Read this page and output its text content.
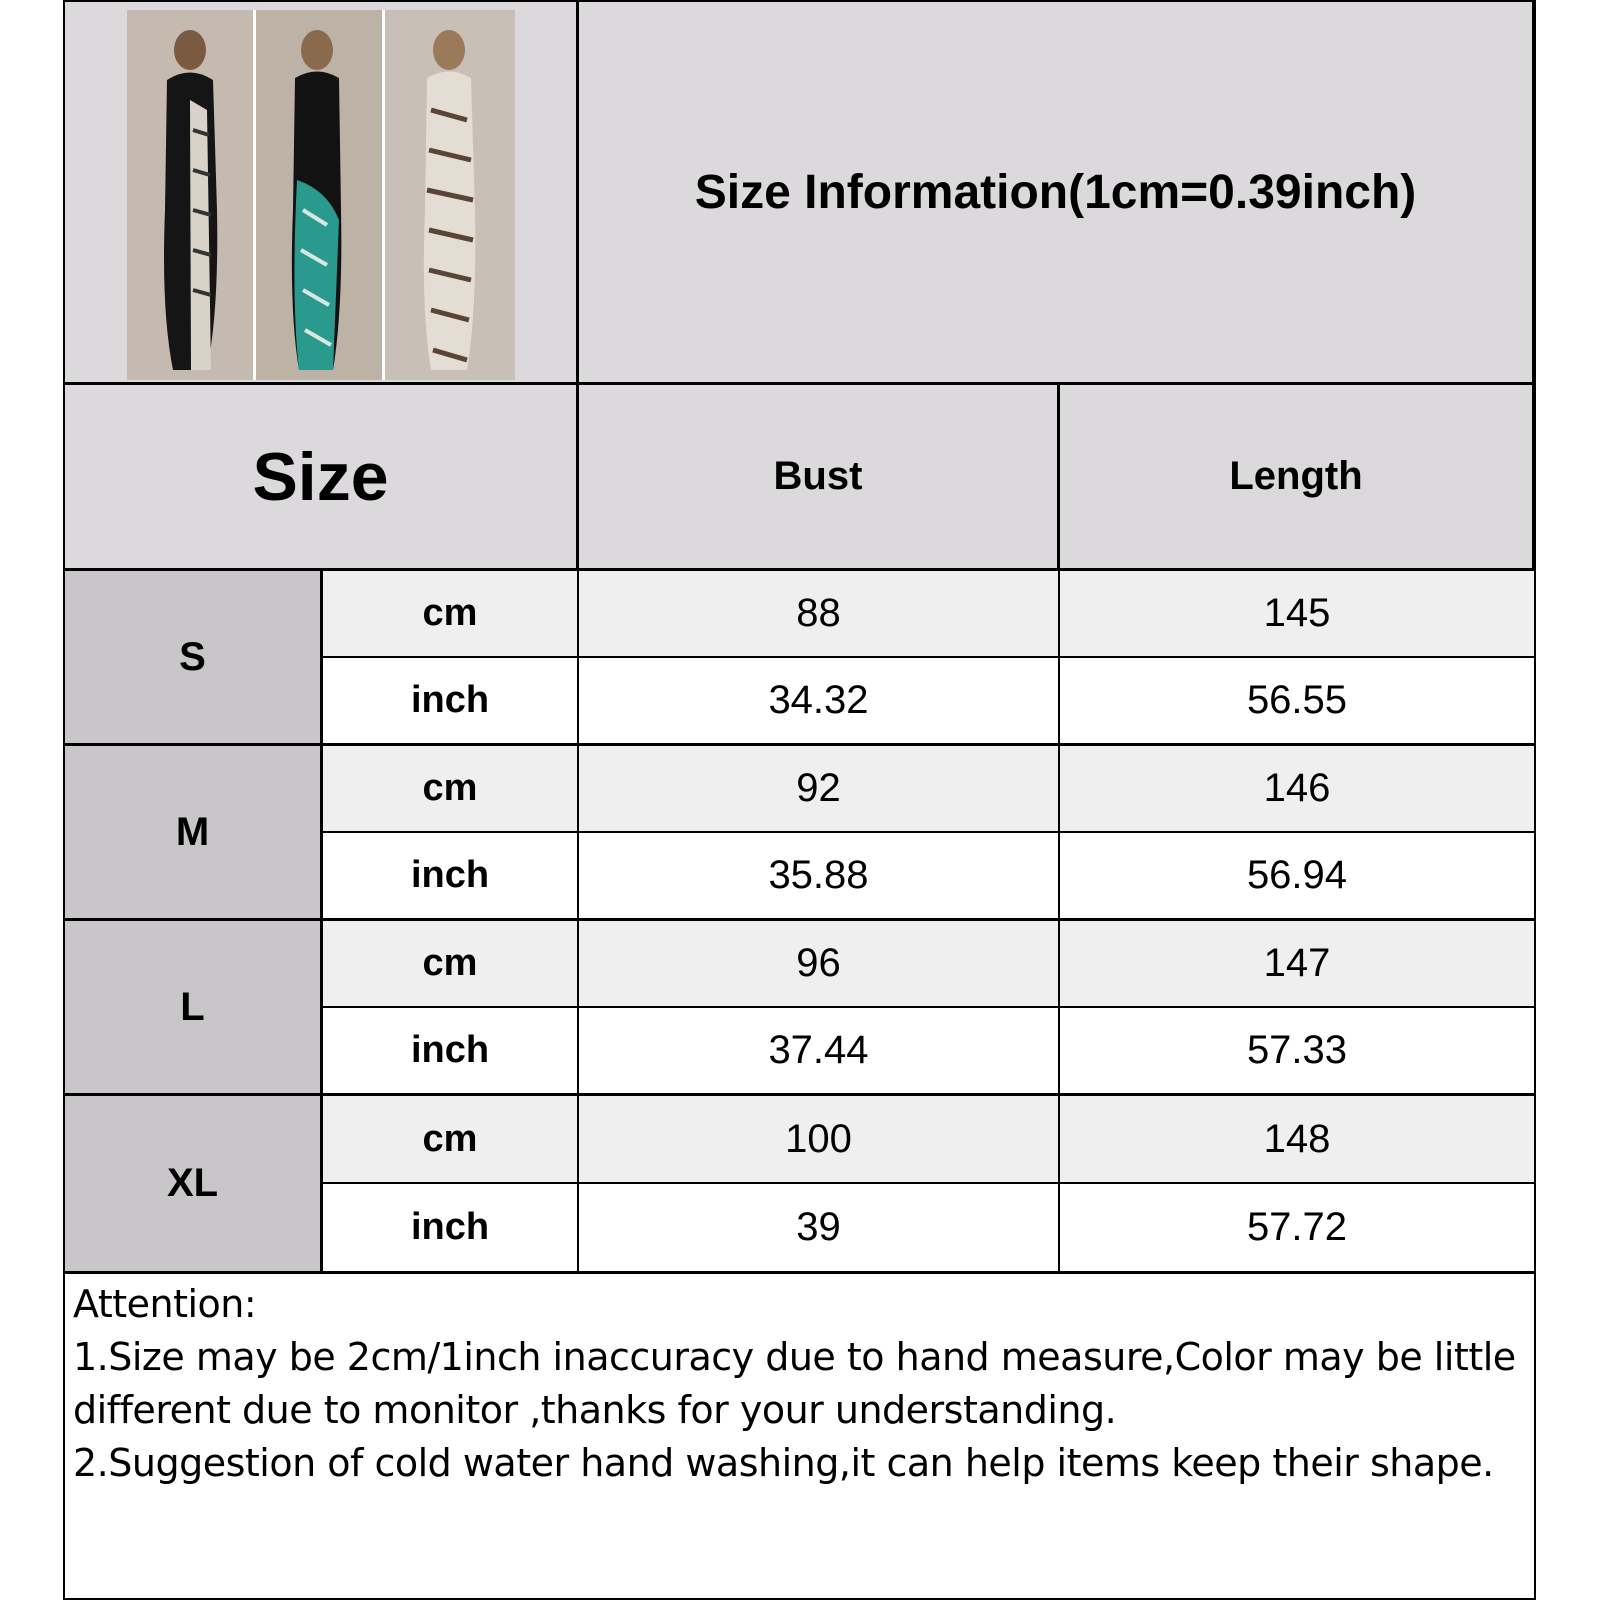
Size Information(1cm=0.39inch)
Size	Bust	Length
S
cm	88	145
inch	34.32	56.55
M
cm	92	146
inch	35.88	56.94
L
cm	96	147
inch	37.44	57.33
XL
cm	100	148
inch	39	57.72

Attention:

1.Size may be 2cm/1inch inaccuracy due to hand measure,Color may be little different due to monitor ,thanks for your understanding.

2.Suggestion of cold water hand washing,it can help items keep their shape.
